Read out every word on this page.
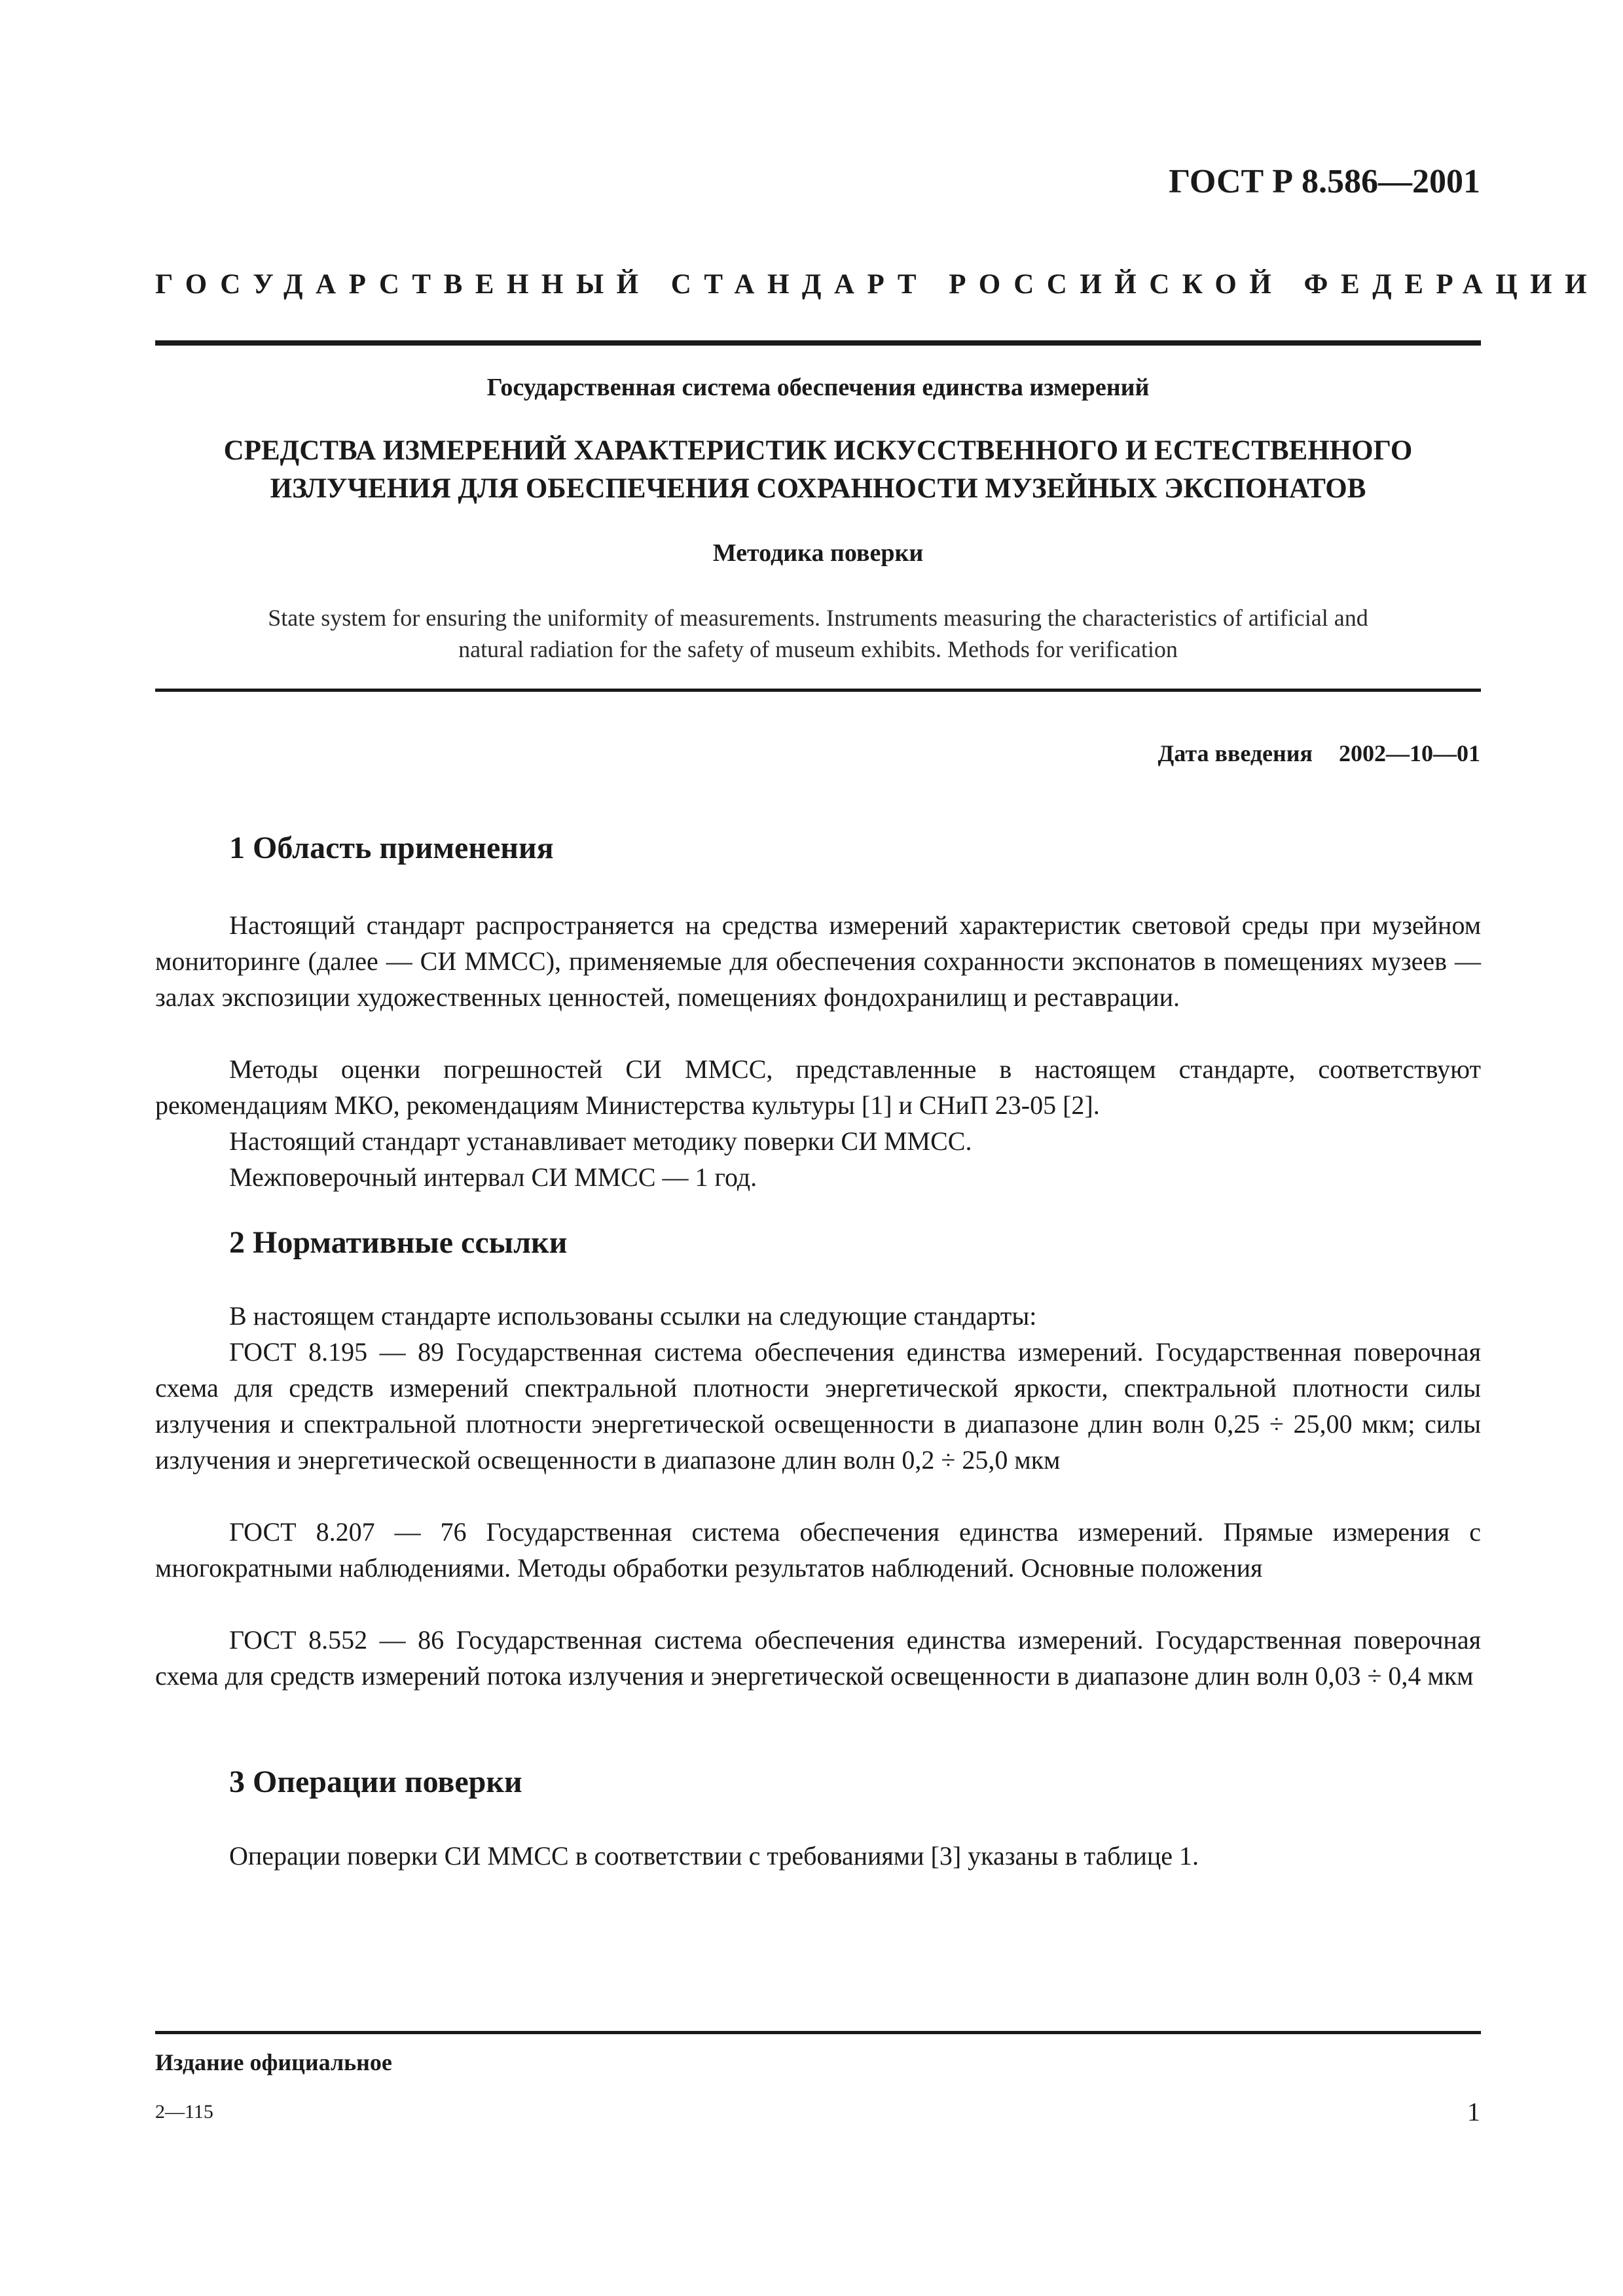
ГОСТ Р 8.586—2001
ГОСУДАРСТВЕННЫЙ СТАНДАРТ РОССИЙСКОЙ ФЕДЕРАЦИИ
Государственная система обеспечения единства измерений
СРЕДСТВА ИЗМЕРЕНИЙ ХАРАКТЕРИСТИК ИСКУССТВЕННОГО И ЕСТЕСТВЕННОГО
ИЗЛУЧЕНИЯ ДЛЯ ОБЕСПЕЧЕНИЯ СОХРАННОСТИ МУЗЕЙНЫХ ЭКСПОНАТОВ
Методика поверки
State system for ensuring the uniformity of measurements. Instruments measuring the characteristics of artificial and
natural radiation for the safety of museum exhibits. Methods for verification
Дата введения 2002—10—01
1 Область применения

Настоящий стандарт распространяется на средства измерений характеристик световой среды при музейном мониторинге (далее — СИ ММСС), применяемые для обеспечения сохранности экспонатов в помещениях музеев — залах экспозиции художественных ценностей, помещениях фондохранилищ и реставрации.

Методы оценки погрешностей СИ ММСС, представленные в настоящем стандарте, соответствуют рекомендациям МКО, рекомендациям Министерства культуры [1] и СНиП 23-05 [2].

Настоящий стандарт устанавливает методику поверки СИ ММСС.

Межповерочный интервал СИ ММСС — 1 год.

2 Нормативные ссылки

В настоящем стандарте использованы ссылки на следующие стандарты:

ГОСТ 8.195 — 89 Государственная система обеспечения единства измерений. Государственная поверочная схема для средств измерений спектральной плотности энергетической яркости, спектральной плотности силы излучения и спектральной плотности энергетической освещенности в диапазоне длин волн 0,25 ÷ 25,00 мкм; силы излучения и энергетической освещенности в диапазоне длин волн 0,2 ÷ 25,0 мкм

ГОСТ 8.207 — 76 Государственная система обеспечения единства измерений. Прямые измерения с многократными наблюдениями. Методы обработки результатов наблюдений. Основные положения

ГОСТ 8.552 — 86 Государственная система обеспечения единства измерений. Государственная поверочная схема для средств измерений потока излучения и энергетической освещенности в диапазоне длин волн 0,03 ÷ 0,4 мкм

3 Операции поверки

Операции поверки СИ ММСС в соответствии с требованиями [3] указаны в таблице 1.

Издание официальное
2—115	1
